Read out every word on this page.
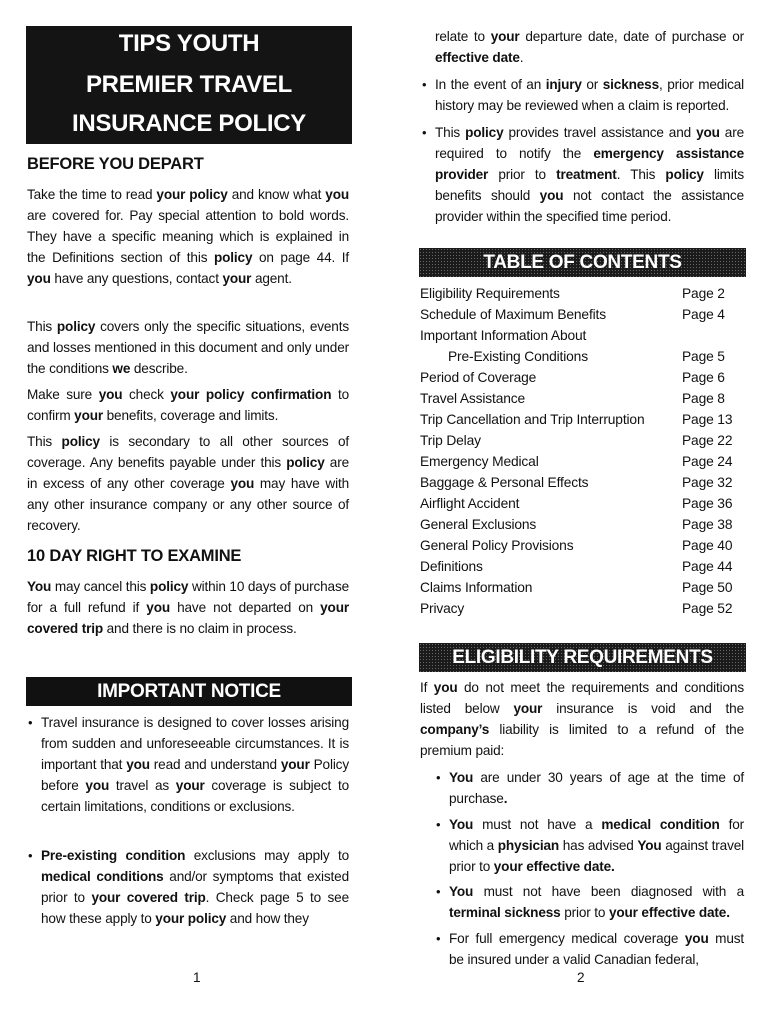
TIPS YOUTH
PREMIER TRAVEL
INSURANCE POLICY
BEFORE YOU DEPART
Take the time to read your policy and know what you are covered for. Pay special attention to bold words. They have a specific meaning which is explained in the Definitions section of this policy on page 44. If you have any questions, contact your agent.
This policy covers only the specific situations, events and losses mentioned in this document and only under the conditions we describe.
Make sure you check your policy confirmation to confirm your benefits, coverage and limits.
This policy is secondary to all other sources of coverage. Any benefits payable under this policy are in excess of any other coverage you may have with any other insurance company or any other source of recovery.
10 DAY RIGHT TO EXAMINE
You may cancel this policy within 10 days of purchase for a full refund if you have not departed on your covered trip and there is no claim in process.
IMPORTANT NOTICE
• Travel insurance is designed to cover losses arising from sudden and unforeseeable circumstances. It is important that you read and understand your Policy before you travel as your coverage is subject to certain limitations, conditions or exclusions.
• Pre-existing condition exclusions may apply to medical conditions and/or symptoms that existed prior to your covered trip. Check page 5 to see how these apply to your policy and how they
1
relate to your departure date, date of purchase or effective date.
• In the event of an injury or sickness, prior medical history may be reviewed when a claim is reported.
• This policy provides travel assistance and you are required to notify the emergency assistance provider prior to treatment. This policy limits benefits should you not contact the assistance provider within the specified time period.
TABLE OF CONTENTS
Eligibility Requirements	Page 2
Schedule of Maximum Benefits	Page 4
Important Information About
Pre-Existing Conditions	Page 5
Period of Coverage	Page 6
Travel Assistance	Page 8
Trip Cancellation and Trip Interruption	Page 13
Trip Delay	Page 22
Emergency Medical	Page 24
Baggage & Personal Effects	Page 32
Airflight Accident	Page 36
General Exclusions	Page 38
General Policy Provisions	Page 40
Definitions	Page 44
Claims Information	Page 50
Privacy	Page 52
ELIGIBILITY REQUIREMENTS
If you do not meet the requirements and conditions listed below your insurance is void and the company’s liability is limited to a refund of the premium paid:
• You are under 30 years of age at the time of purchase.
• You must not have a medical condition for which a physician has advised You against travel prior to your effective date.
• You must not have been diagnosed with a terminal sickness prior to your effective date.
• For full emergency medical coverage you must be insured under a valid Canadian federal,
2
